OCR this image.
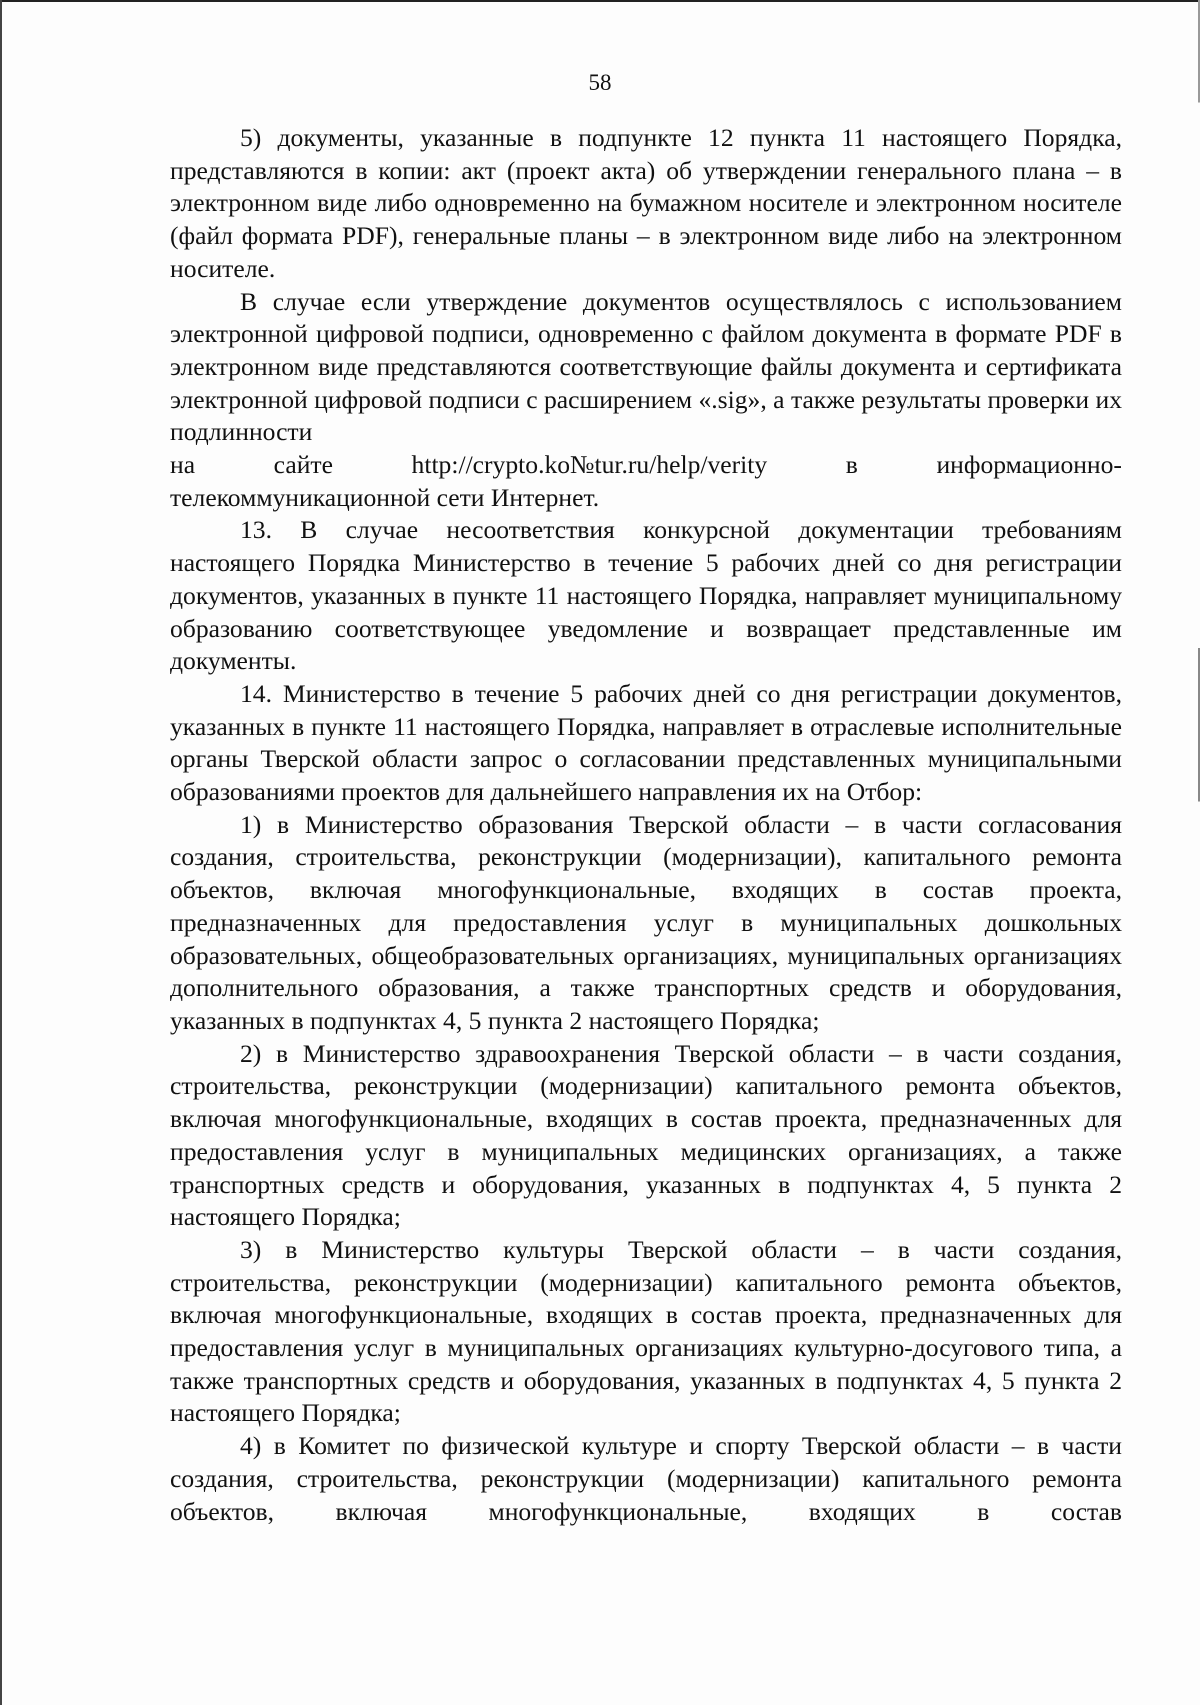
58

5) документы, указанные в подпункте 12 пункта 11 настоящего Порядка, представляются в копии: акт (проект акта) об утверждении генерального плана – в электронном виде либо одновременно на бумажном носителе и электронном носителе (файл формата PDF), генеральные планы – в электронном виде либо на электронном носителе.

В случае если утверждение документов осуществлялось с использованием электронной цифровой подписи, одновременно с файлом документа в формате PDF в электронном виде представляются соответствующие файлы документа и сертификата электронной цифровой подписи с расширением «.sig», а также результаты проверки их подлинности

на	сайте	http://crypto.ko№tur.ru/help/verity	в	информационно-

телекоммуникационной сети Интернет.

13. В случае несоответствия конкурсной документации требованиям настоящего Порядка Министерство в течение 5 рабочих дней со дня регистрации документов, указанных в пункте 11 настоящего Порядка, направляет муниципальному образованию соответствующее уведомление и возвращает представленные им документы.

14. Министерство в течение 5 рабочих дней со дня регистрации документов, указанных в пункте 11 настоящего Порядка, направляет в отраслевые исполнительные органы Тверской области запрос о согласовании представленных муниципальными образованиями проектов для дальнейшего направления их на Отбор:

1) в Министерство образования Тверской области – в части согласования создания, строительства, реконструкции (модернизации), капитального ремонта объектов, включая многофункциональные, входящих в состав проекта, предназначенных для предоставления услуг в муниципальных дошкольных образовательных, общеобразовательных организациях, муниципальных организациях дополнительного образования, а также транспортных средств и оборудования, указанных в подпунктах 4, 5 пункта 2 настоящего Порядка;

2) в Министерство здравоохранения Тверской области – в части создания, строительства, реконструкции (модернизации) капитального ремонта объектов, включая многофункциональные, входящих в состав проекта, предназначенных для предоставления услуг в муниципальных медицинских организациях, а также транспортных средств и оборудования, указанных в подпунктах 4, 5 пункта 2 настоящего Порядка;

3) в Министерство культуры Тверской области – в части создания, строительства, реконструкции (модернизации) капитального ремонта объектов, включая многофункциональные, входящих в состав проекта, предназначенных для предоставления услуг в муниципальных организациях культурно-досугового типа, а также транспортных средств и оборудования, указанных в подпунктах 4, 5 пункта 2 настоящего Порядка;

4) в Комитет по физической культуре и спорту Тверской области – в части создания, строительства, реконструкции (модернизации) капитального ремонта объектов, включая многофункциональные, входящих в состав
